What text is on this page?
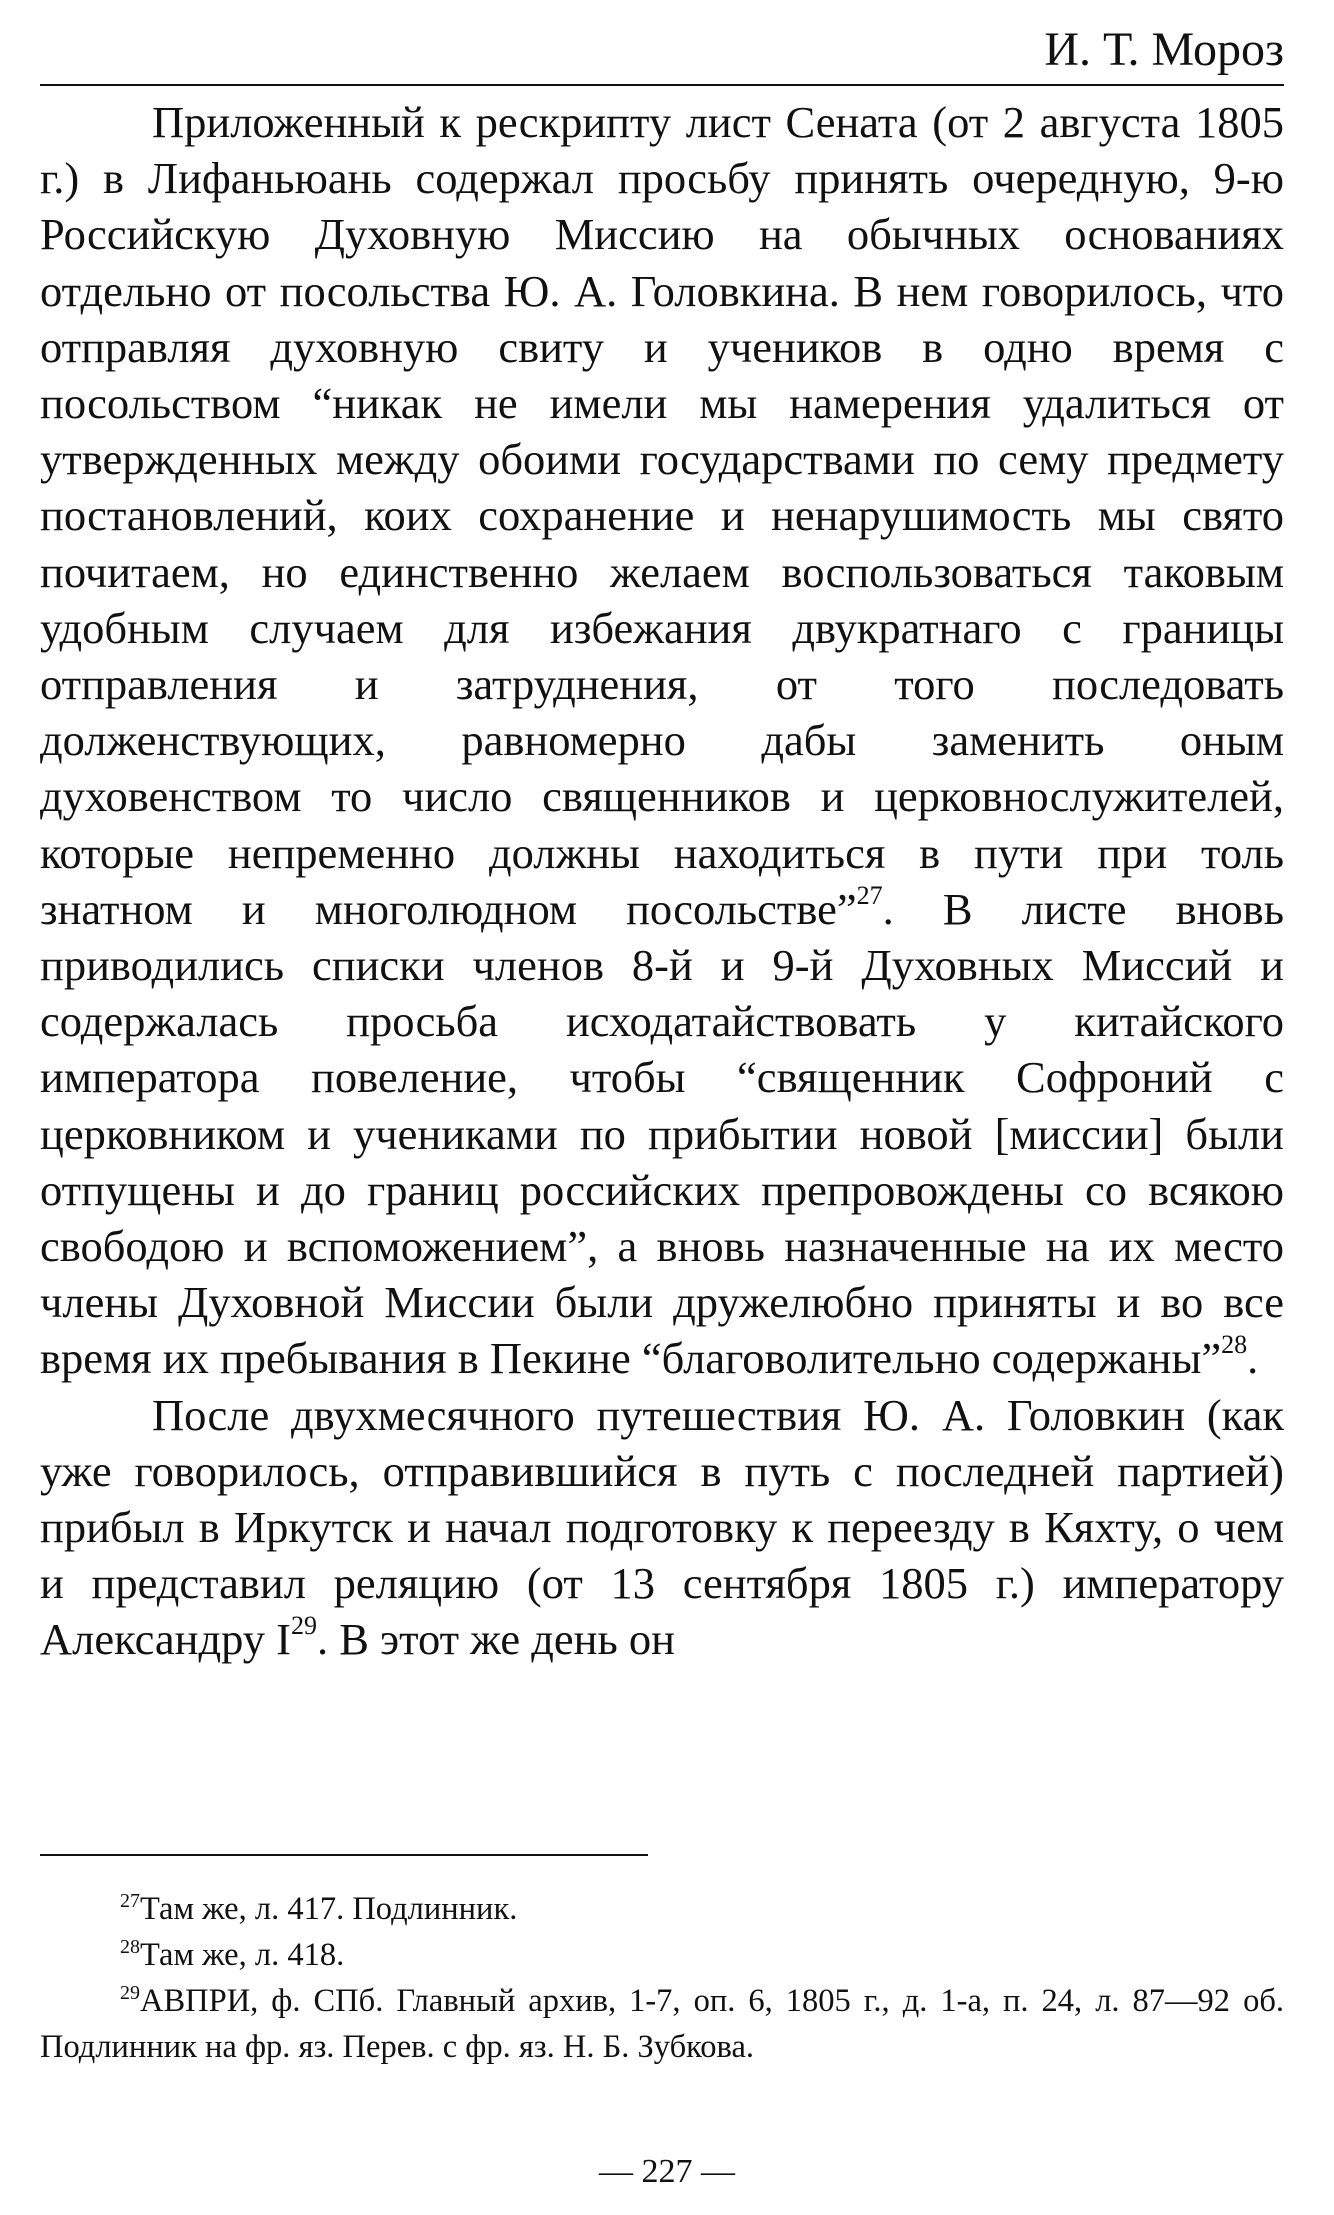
И. Т. Мороз

Приложенный к рескрипту лист Сената (от 2 августа 1805 г.) в Лифаньюань содержал просьбу принять очередную, 9-ю Российскую Духовную Миссию на обычных основаниях отдельно от посольства Ю. А. Головкина. В нем говорилось, что отправляя духовную свиту и учеников в одно время с посольством “никак не имели мы намерения удалиться от утвержденных между обоими государствами по сему предмету постановлений, коих сохранение и ненарушимость мы свято почитаем, но единственно желаем воспользоваться таковым удобным случаем для избежания двукратнаго с границы отправления и затруднения, от того последовать долженствующих, равномерно дабы заменить оным духовенством то число священников и церковнослужителей, которые непременно должны находиться в пути при толь знатном и многолюдном посольстве”$^{27}$. В листе вновь приводились списки членов 8-й и 9-й Духовных Миссий и содержалась просьба исходатайствовать у китайского императора повеление, чтобы “священник Софроний с церковником и учениками по прибытии новой [миссии] были отпущены и до границ российских препровождены со всякою свободою и вспоможением”, а вновь назначенные на их место члены Духовной Миссии были дружелюбно приняты и во все время их пребывания в Пекине “благоволительно содержаны”$^{28}$.

После двухмесячного путешествия Ю. А. Головкин (как уже говорилось, отправившийся в путь с последней партией) прибыл в Иркутск и начал подготовку к переезду в Кяхту, о чем и представил реляцию (от 13 сентября 1805 г.) императору Александру $I^{29}$. В этот же день он

$^{27}$Там же, л. 417. Подлинник.

$^{28}$Там же, л. 418.

$^{29}$АВПРИ, ф. СПб. Главный архив, 1-7, оп. 6, 1805 г., д. 1-а, п. 24, л. 87—92 об. Подлинник на фр. яз. Перев. с фр. яз. Н. Б. Зубкова.

— 227 —
